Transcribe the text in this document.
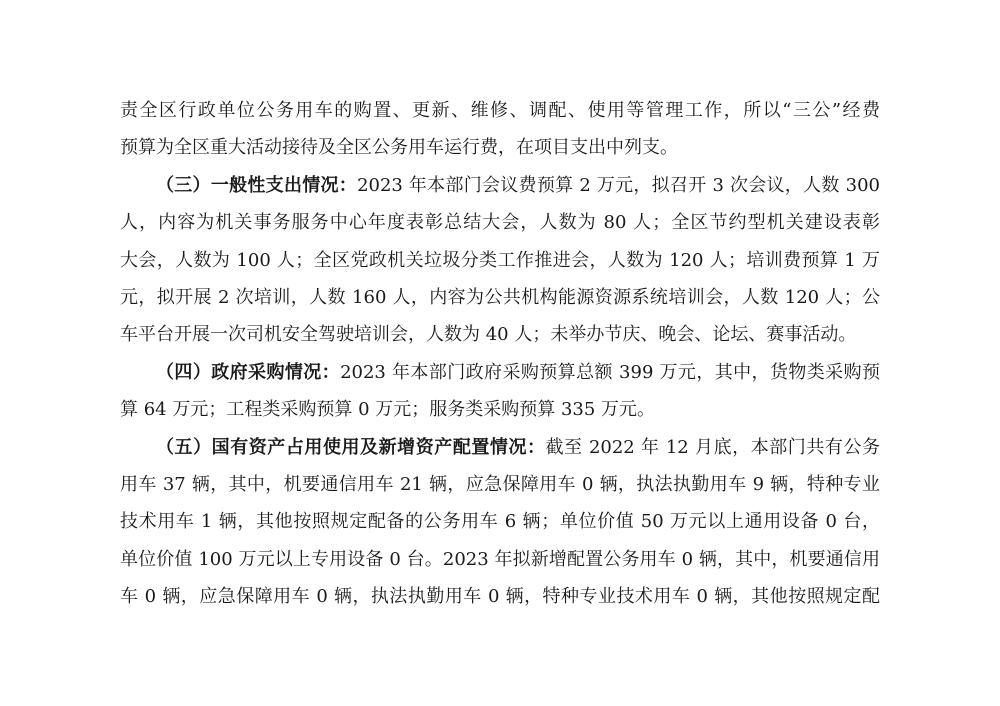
责全区行政单位公务用车的购置、更新、维修、调配、使用等管理工作，所以“三公”经费
预算为全区重大活动接待及全区公务用车运行费，在项目支出中列支。
（三）一般性支出情况：2023 年本部门会议费预算 2 万元，拟召开 3 次会议，人数 300
人，内容为机关事务服务中心年度表彰总结大会，人数为 80 人；全区节约型机关建设表彰
大会，人数为 100 人；全区党政机关垃圾分类工作推进会，人数为 120 人；培训费预算 1 万
元，拟开展 2 次培训，人数 160 人，内容为公共机构能源资源系统培训会，人数 120 人；公
车平台开展一次司机安全驾驶培训会，人数为 40 人；未举办节庆、晚会、论坛、赛事活动。
（四）政府采购情况：2023 年本部门政府采购预算总额 399 万元，其中，货物类采购预
算 64 万元；工程类采购预算 0 万元；服务类采购预算 335 万元。
（五）国有资产占用使用及新增资产配置情况：截至 2022 年 12 月底，本部门共有公务
用车 37 辆，其中，机要通信用车 21 辆，应急保障用车 0 辆，执法执勤用车 9 辆，特种专业
技术用车 1 辆，其他按照规定配备的公务用车 6 辆；单位价值 50 万元以上通用设备 0 台，
单位价值 100 万元以上专用设备 0 台。2023 年拟新增配置公务用车 0 辆，其中，机要通信用
车 0 辆，应急保障用车 0 辆，执法执勤用车 0 辆，特种专业技术用车 0 辆，其他按照规定配
